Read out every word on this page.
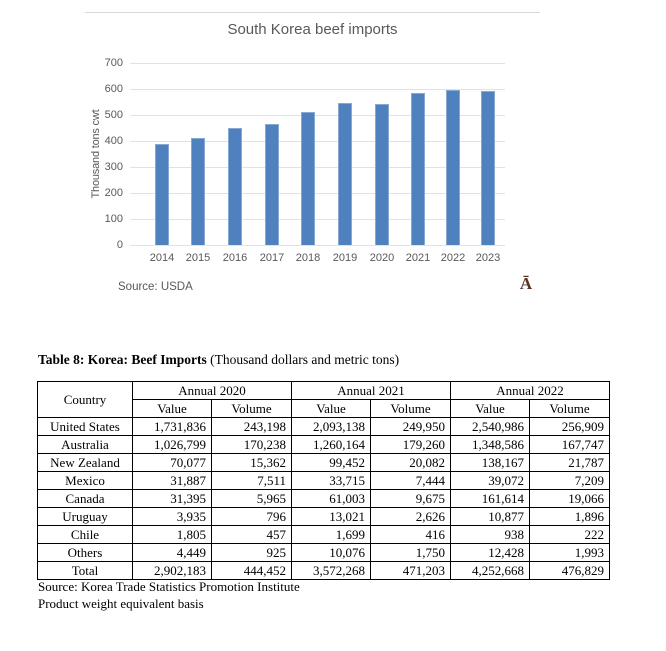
South Korea beef imports
Thousand tons cwt
0
100
200
300
400
500
600
700
2014	2015	2016	2017	2018	2019	2020	2021 2022 2023
Source: USDA	Ā
Table 8: Korea: Beef Imports (Thousand dollars and metric tons)
Country	Annual 2020		Annual 2021		Annual 2022	
	Value	Volume	Value	Volume	Value	Volume
United States	1,731,836	243,198	2,093,138	249,950	2,540,986	256,909
Australia	1,026,799	170,238	1,260,164	179,260	1,348,586	167,747
New Zealand	70,077	15,362	99,452	20,082	138,167	21,787
Mexico	31,887	7,511	33,715	7,444	39,072	7,209
Canada	31,395	5,965	61,003	9,675	161,614	19,066
Uruguay	3,935	796	13,021	2,626	10,877	1,896
Chile	1,805	457	1,699	416	938	222
Others	4,449	925	10,076	1,750	12,428	1,993
Total	2,902,183	444,452	3,572,268	471,203	4,252,668	476,829
Source: Korea Trade Statistics Promotion Institute
Product weight equivalent basis
